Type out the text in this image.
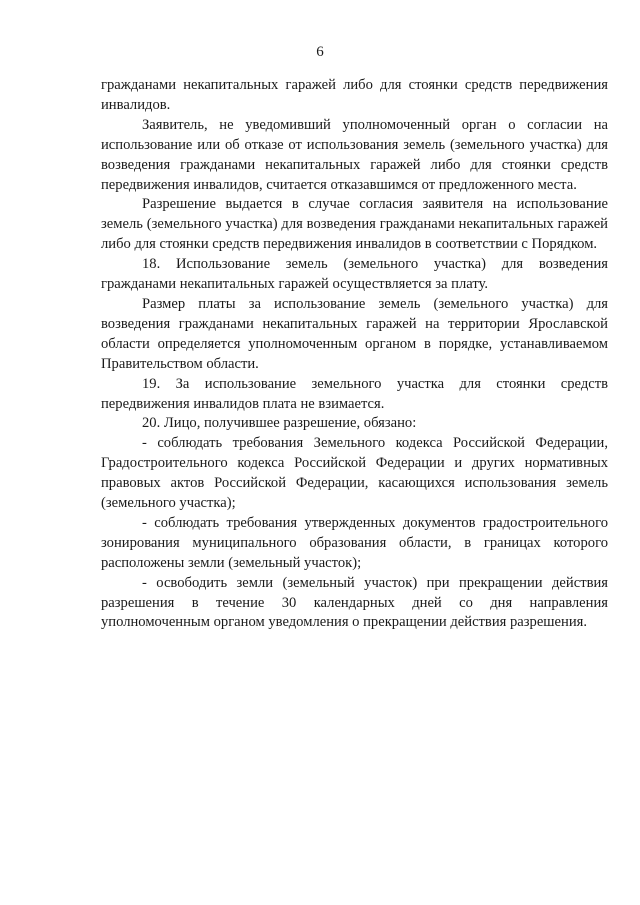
6

гражданами некапитальных гаражей либо для стоянки средств передвижения инвалидов.

Заявитель, не уведомивший уполномоченный орган о согласии на использование или об отказе от использования земель (земельного участка) для возведения гражданами некапитальных гаражей либо для стоянки средств передвижения инвалидов, считается отказавшимся от предложенного места.

Разрешение выдается в случае согласия заявителя на использование земель (земельного участка) для возведения гражданами некапитальных гаражей либо для стоянки средств передвижения инвалидов в соответствии с Порядком.

18. Использование земель (земельного участка) для возведения гражданами некапитальных гаражей осуществляется за плату.

Размер платы за использование земель (земельного участка) для возведения гражданами некапитальных гаражей на территории Ярославской области определяется уполномоченным органом в порядке, устанавливаемом Правительством области.

19. За использование земельного участка для стоянки средств передвижения инвалидов плата не взимается.

20. Лицо, получившее разрешение, обязано:

- соблюдать требования Земельного кодекса Российской Федерации, Градостроительного кодекса Российской Федерации и других нормативных правовых актов Российской Федерации, касающихся использования земель (земельного участка);

- соблюдать требования утвержденных документов градостроительного зонирования муниципального образования области, в границах которого расположены земли (земельный участок);

- освободить земли (земельный участок) при прекращении действия разрешения в течение 30 календарных дней со дня направления уполномоченным органом уведомления о прекращении действия разрешения.
